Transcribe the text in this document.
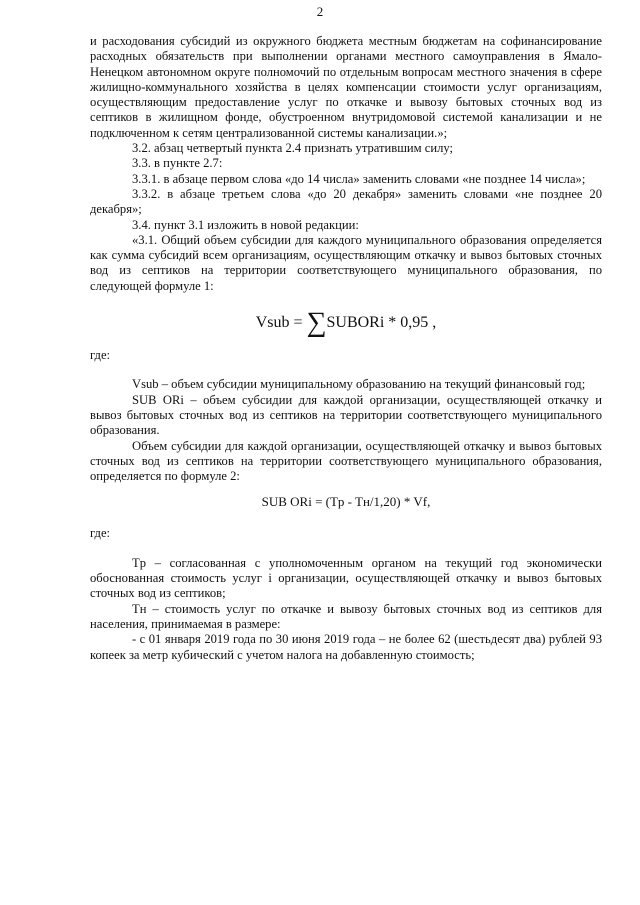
2

и расходования субсидий из окружного бюджета местным бюджетам на софинансирование расходных обязательств при выполнении органами местного самоуправления в Ямало-Ненецком автономном округе полномочий по отдельным вопросам местного значения в сфере жилищно-коммунального хозяйства в целях компенсации стоимости услуг организациям, осуществляющим предоставление услуг по откачке и вывозу бытовых сточных вод из септиков в жилищном фонде, обустроенном внутридомовой системой канализации и не подключенном к сетям централизованной системы канализации.»;

3.2. абзац четвертый пункта 2.4 признать утратившим силу;

3.3. в пункте 2.7:

3.3.1. в абзаце первом слова «до 14 числа» заменить словами «не позднее 14 числа»;

3.3.2. в абзаце третьем слова «до 20 декабря» заменить словами «не позднее 20 декабря»;

3.4. пункт 3.1 изложить в новой редакции:

«3.1. Общий объем субсидии для каждого муниципального образования определяется как сумма субсидий всем организациям, осуществляющим откачку и вывоз бытовых сточных вод из септиков на территории соответствующего муниципального образования, по следующей формуле 1:

Vsub = ∑SUBORi * 0,95 ,

где:

Vsub – объем субсидии муниципальному образованию на текущий финансовый год;

SUB ORi – объем субсидии для каждой организации, осуществляющей откачку и вывоз бытовых сточных вод из септиков на территории соответствующего муниципального образования.

Объем субсидии для каждой организации, осуществляющей откачку и вывоз бытовых сточных вод из септиков на территории соответствующего муниципального образования, определяется по формуле 2:

SUB ORi = (Tp - Tн/1,20) * Vf,

где:

Tp – согласованная с уполномоченным органом на текущий год экономически обоснованная стоимость услуг i организации, осуществляющей откачку и вывоз бытовых сточных вод из септиков;

Tн – стоимость услуг по откачке и вывозу бытовых сточных вод из септиков для населения, принимаемая в размере:

- с 01 января 2019 года по 30 июня 2019 года – не более 62 (шестьдесят два) рублей 93 копеек за метр кубический с учетом налога на добавленную стоимость;
